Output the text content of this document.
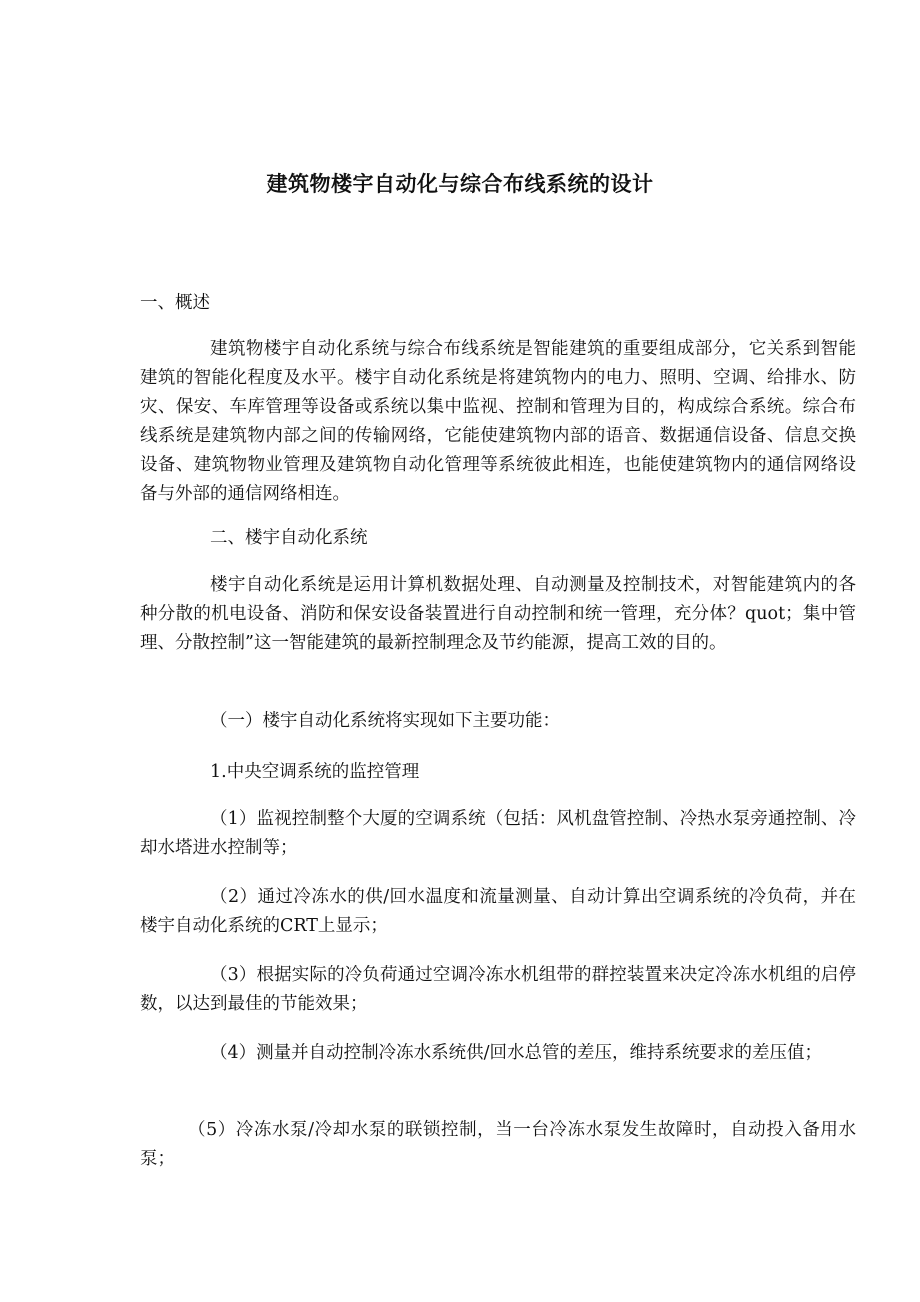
建筑物楼宇自动化与综合布线系统的设计
一、概述
建筑物楼宇自动化系统与综合布线系统是智能建筑的重要组成部分，它关系到智能建筑的智能化程度及水平。楼宇自动化系统是将建筑物内的电力、照明、空调、给排水、防灾、保安、车库管理等设备或系统以集中监视、控制和管理为目的，构成综合系统。综合布线系统是建筑物内部之间的传输网络，它能使建筑物内部的语音、数据通信设备、信息交换设备、建筑物物业管理及建筑物自动化管理等系统彼此相连，也能使建筑物内的通信网络设备与外部的通信网络相连。
二、楼宇自动化系统
楼宇自动化系统是运用计算机数据处理、自动测量及控制技术，对智能建筑内的各种分散的机电设备、消防和保安设备装置进行自动控制和统一管理，充分体？quot；集中管理、分散控制”这一智能建筑的最新控制理念及节约能源，提高工效的目的。
（一）楼宇自动化系统将实现如下主要功能：
1.中央空调系统的监控管理
（1）监视控制整个大厦的空调系统（包括：风机盘管控制、冷热水泵旁通控制、冷却水塔进水控制等；
（2）通过冷冻水的供/回水温度和流量测量、自动计算出空调系统的冷负荷，并在楼宇自动化系统的CRT上显示；
（3）根据实际的冷负荷通过空调冷冻水机组带的群控装置来决定冷冻水机组的启停数，以达到最佳的节能效果；
（4）测量并自动控制冷冻水系统供/回水总管的差压，维持系统要求的差压值；
（5）冷冻水泵/冷却水泵的联锁控制，当一台冷冻水泵发生故障时，自动投入备用水泵；
